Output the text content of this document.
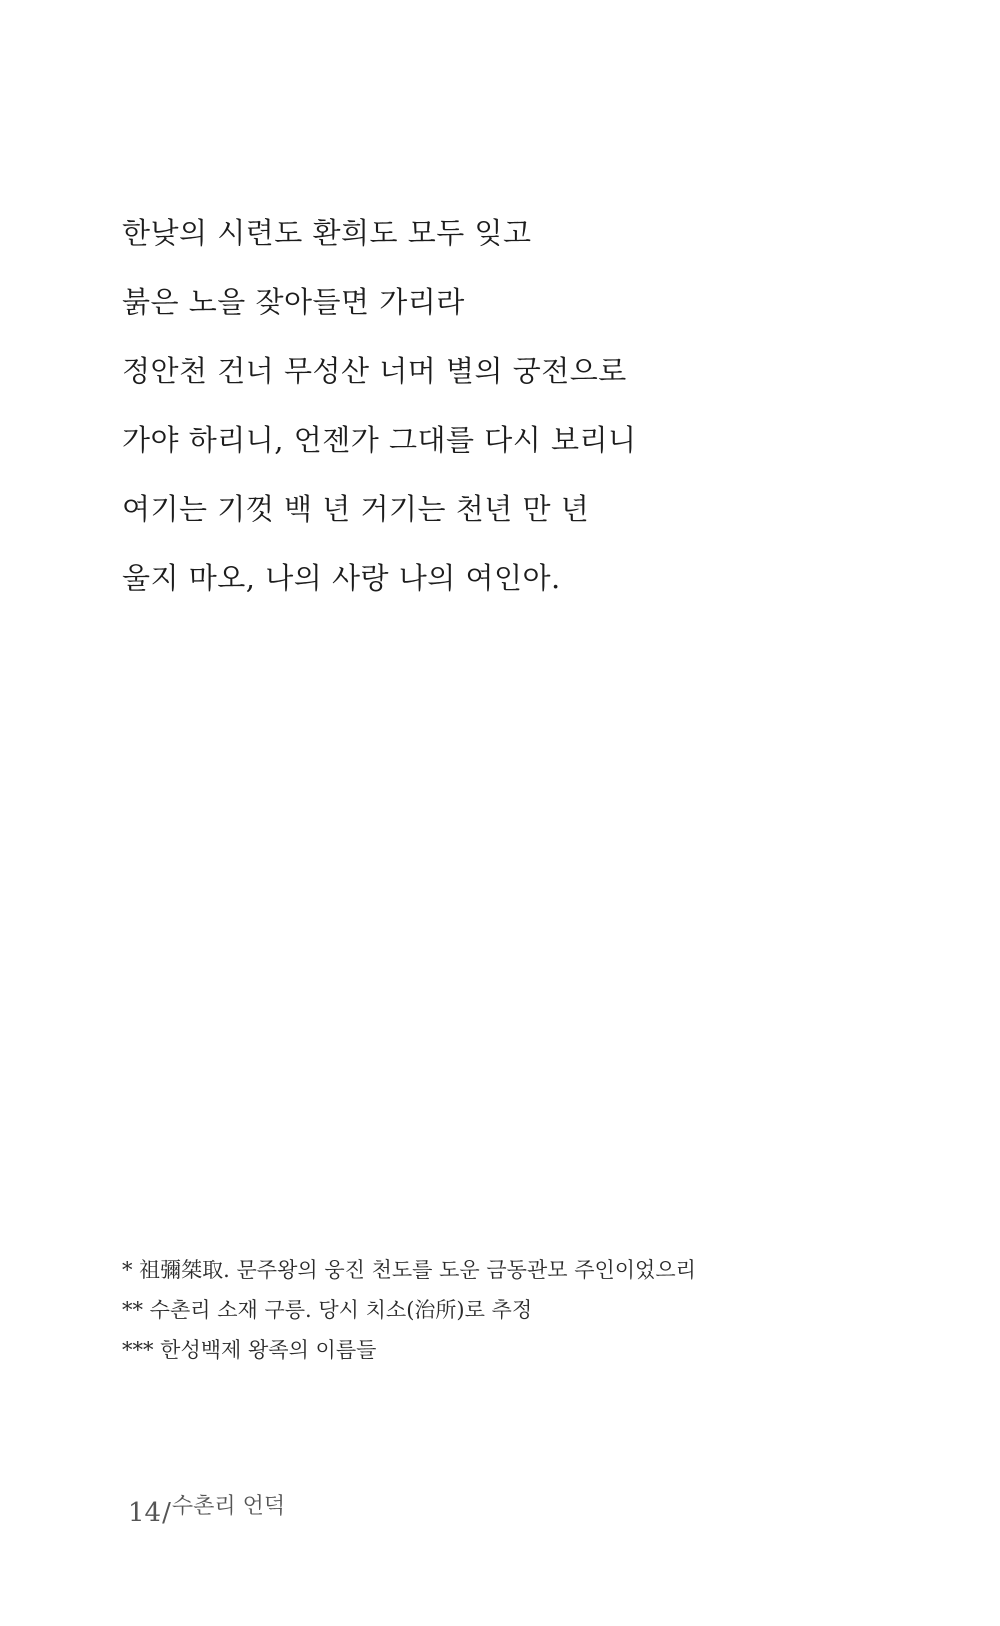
한낮의 시련도 환희도 모두 잊고
붉은 노을 잦아들면 가리라
정안천 건너 무성산 너머 별의 궁전으로
가야 하리니, 언젠가 그대를 다시 보리니
여기는 기껏 백 년 거기는 천년 만 년
울지 마오, 나의 사랑 나의 여인아.
* 祖彌桀取. 문주왕의 웅진 천도를 도운 금동관모 주인이었으리
** 수촌리 소재 구릉. 당시 치소(治所)로 추정
*** 한성백제 왕족의 이름들
14/수촌리 언덕
